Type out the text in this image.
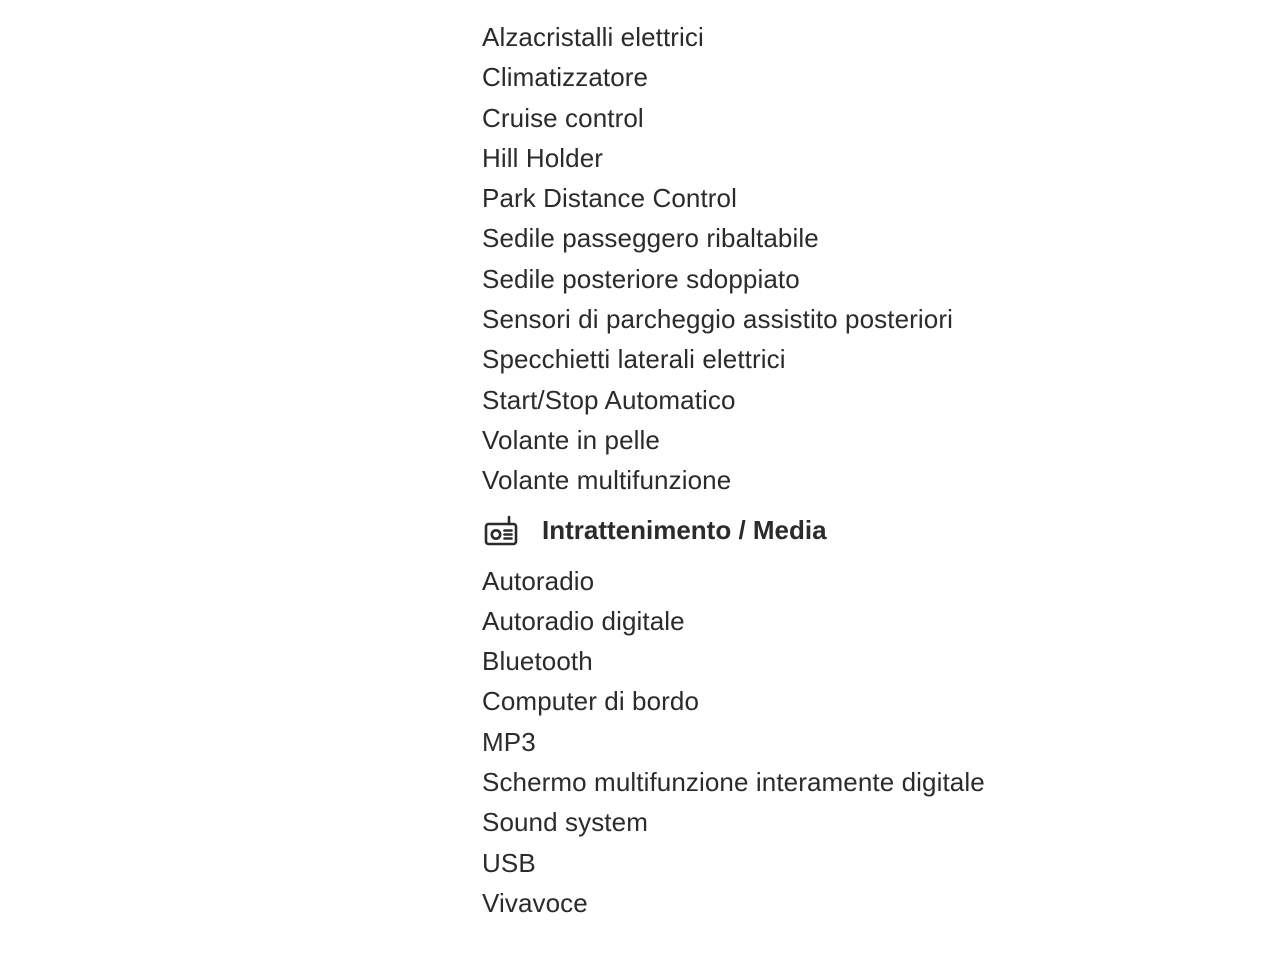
Alzacristalli elettrici
Climatizzatore
Cruise control
Hill Holder
Park Distance Control
Sedile passeggero ribaltabile
Sedile posteriore sdoppiato
Sensori di parcheggio assistito posteriori
Specchietti laterali elettrici
Start/Stop Automatico
Volante in pelle
Volante multifunzione
Intrattenimento / Media
Autoradio
Autoradio digitale
Bluetooth
Computer di bordo
MP3
Schermo multifunzione interamente digitale
Sound system
USB
Vivavoce
